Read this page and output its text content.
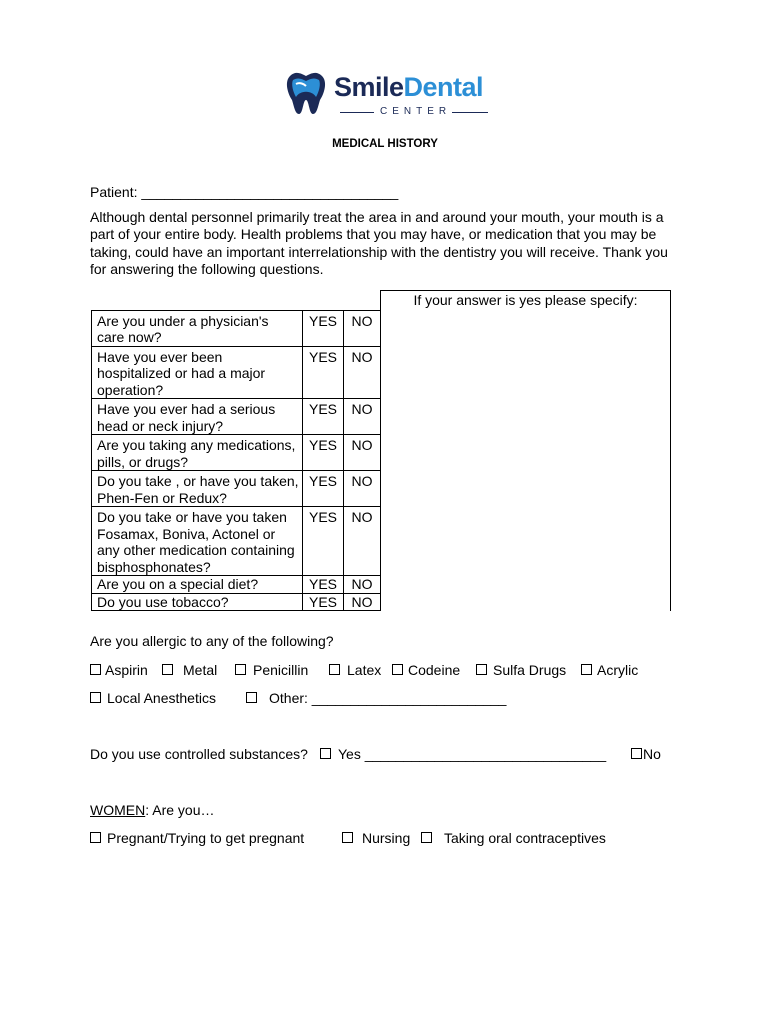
SmileDental
CENTER
MEDICAL HISTORY
Patient: _________________________________
Although dental personnel primarily treat the area in and around your mouth, your mouth is a part of your entire body. Health problems that you may have, or medication that you may be taking, could have an important interrelationship with the dentistry you will receive. Thank you for answering the following questions.
			If your answer is yes please specify:
Are you under a physician's care now?	YES	NO	
Have you ever been hospitalized or had a major operation?	YES	NO	
Have you ever had a serious head or neck injury?	YES	NO	
Are you taking any medications, pills, or drugs?	YES	NO	
Do you take , or have you taken, Phen-Fen or Redux?	YES	NO	
Do you take or have you taken Fosamax, Boniva, Actonel or any other medication containing bisphosphonates?	YES	NO	
Are you on a special diet?	YES	NO	
Do you use tobacco?	YES	NO	
Are you allergic to any of the following?
Aspirin	Metal	Penicillin	Latex	Codeine	Sulfa Drugs	Acrylic
Local Anesthetics	Other: _________________________
Do you use controlled substances?	Yes _______________________________	No
WOMEN: Are you…
Pregnant/Trying to get pregnant	Nursing	Taking oral contraceptives
